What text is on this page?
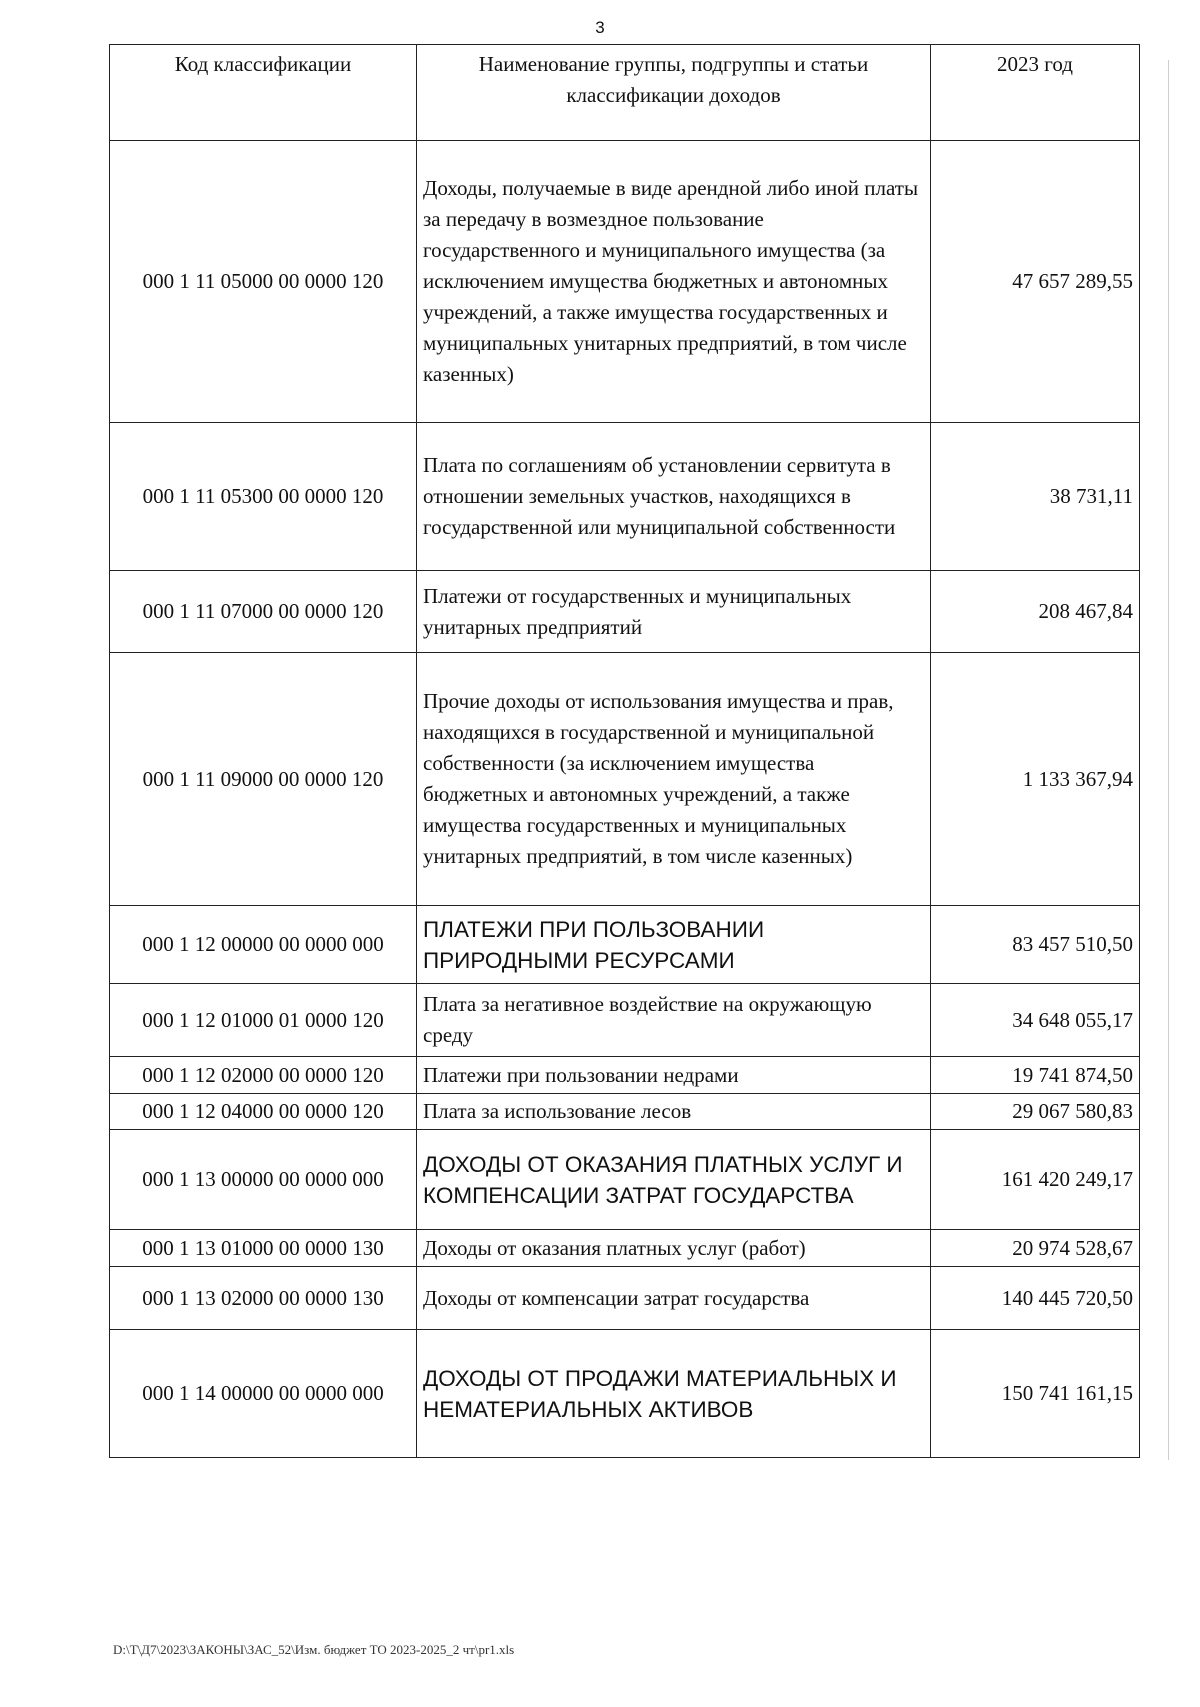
3
Код классификации	Наименование группы, подгруппы и статьи классификации доходов	2023 год
000 1 11 05000 00 0000 120	Доходы, получаемые в виде арендной либо иной платы за передачу в возмездное пользование государственного и муниципального имущества (за исключением имущества бюджетных и автономных учреждений, а также имущества государственных и муниципальных унитарных предприятий, в том числе казенных)	47 657 289,55
000 1 11 05300 00 0000 120	Плата по соглашениям об установлении сервитута в отношении земельных участков, находящихся в государственной или муниципальной собственности	38 731,11
000 1 11 07000 00 0000 120	Платежи от государственных и муниципальных унитарных предприятий	208 467,84
000 1 11 09000 00 0000 120	Прочие доходы от использования имущества и прав, находящихся в государственной и муниципальной собственности (за исключением имущества бюджетных и автономных учреждений, а также имущества государственных и муниципальных унитарных предприятий, в том числе казенных)	1 133 367,94
000 1 12 00000 00 0000 000	ПЛАТЕЖИ ПРИ ПОЛЬЗОВАНИИ ПРИРОДНЫМИ РЕСУРСАМИ	83 457 510,50
000 1 12 01000 01 0000 120	Плата за негативное воздействие на окружающую среду	34 648 055,17
000 1 12 02000 00 0000 120	Платежи при пользовании недрами	19 741 874,50
000 1 12 04000 00 0000 120	Плата за использование лесов	29 067 580,83
000 1 13 00000 00 0000 000	ДОХОДЫ ОТ ОКАЗАНИЯ ПЛАТНЫХ УСЛУГ И КОМПЕНСАЦИИ ЗАТРАТ ГОСУДАРСТВА	161 420 249,17
000 1 13 01000 00 0000 130	Доходы от оказания платных услуг (работ)	20 974 528,67
000 1 13 02000 00 0000 130	Доходы от компенсации затрат государства	140 445 720,50
000 1 14 00000 00 0000 000	ДОХОДЫ ОТ ПРОДАЖИ МАТЕРИАЛЬНЫХ И НЕМАТЕРИАЛЬНЫХ АКТИВОВ	150 741 161,15
D:\Т\Д7\2023\ЗАКОНЫ\ЗАС_52\Изм. бюджет ТО 2023-2025_2 чт\pr1.xls
